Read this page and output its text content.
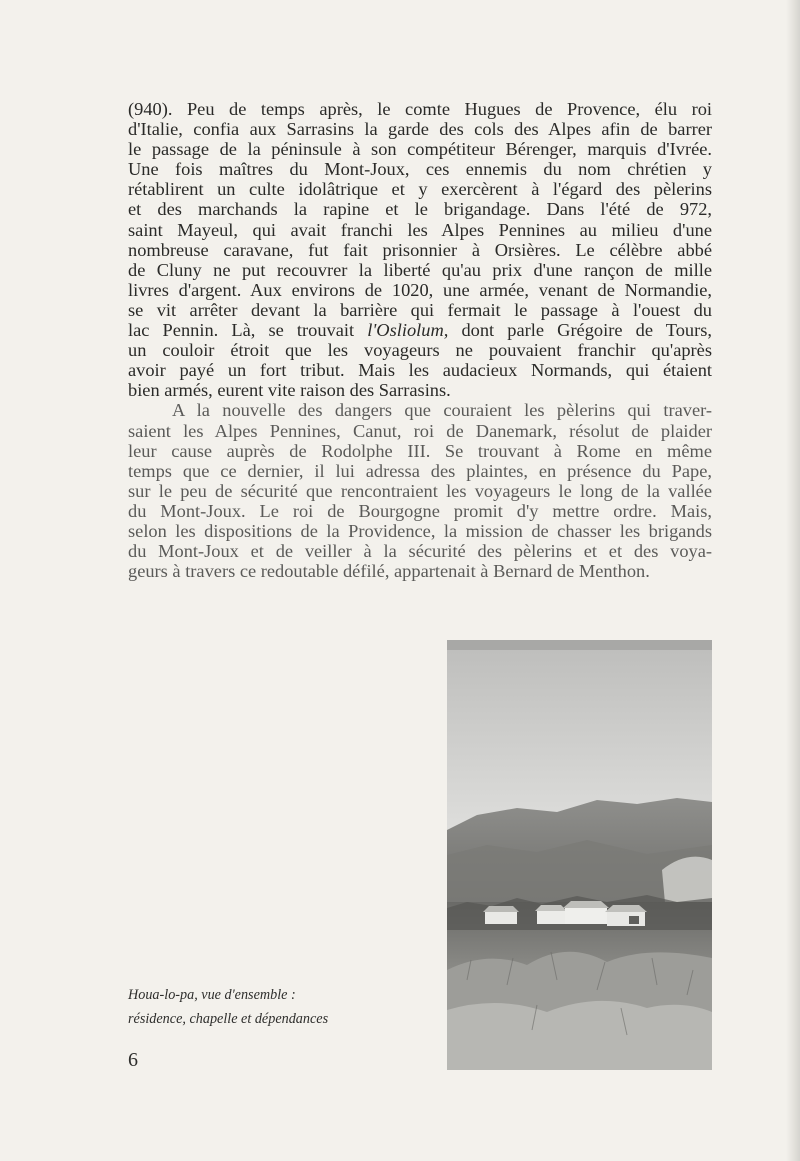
(940). Peu de temps après, le comte Hugues de Provence, élu roi
d'Italie, confia aux Sarrasins la garde des cols des Alpes afin de barrer
le passage de la péninsule à son compétiteur Bérenger, marquis d'Ivrée.
Une fois maîtres du Mont-Joux, ces ennemis du nom chrétien y
rétablirent un culte idolâtrique et y exercèrent à l'égard des pèlerins
et des marchands la rapine et le brigandage. Dans l'été de 972,
saint Mayeul, qui avait franchi les Alpes Pennines au milieu d'une
nombreuse caravane, fut fait prisonnier à Orsières. Le célèbre abbé
de Cluny ne put recouvrer la liberté qu'au prix d'une rançon de mille
livres d'argent. Aux environs de 1020, une armée, venant de Normandie,
se vit arrêter devant la barrière qui fermait le passage à l'ouest du
lac Pennin. Là, se trouvait l'Osliolum, dont parle Grégoire de Tours,
un couloir étroit que les voyageurs ne pouvaient franchir qu'après
avoir payé un fort tribut. Mais les audacieux Normands, qui étaient
bien armés, eurent vite raison des Sarrasins.
A la nouvelle des dangers que couraient les pèlerins qui traver-
saient les Alpes Pennines, Canut, roi de Danemark, résolut de plaider
leur cause auprès de Rodolphe III. Se trouvant à Rome en même
temps que ce dernier, il lui adressa des plaintes, en présence du Pape,
sur le peu de sécurité que rencontraient les voyageurs le long de la vallée
du Mont-Joux. Le roi de Bourgogne promit d'y mettre ordre. Mais,
selon les dispositions de la Providence, la mission de chasser les brigands
du Mont-Joux et de veiller à la sécurité des pèlerins et et des voya-
geurs à travers ce redoutable défilé, appartenait à Bernard de Menthon.
Houa-lo-pa, vue d'ensemble :
résidence, chapelle et dépendances
6
